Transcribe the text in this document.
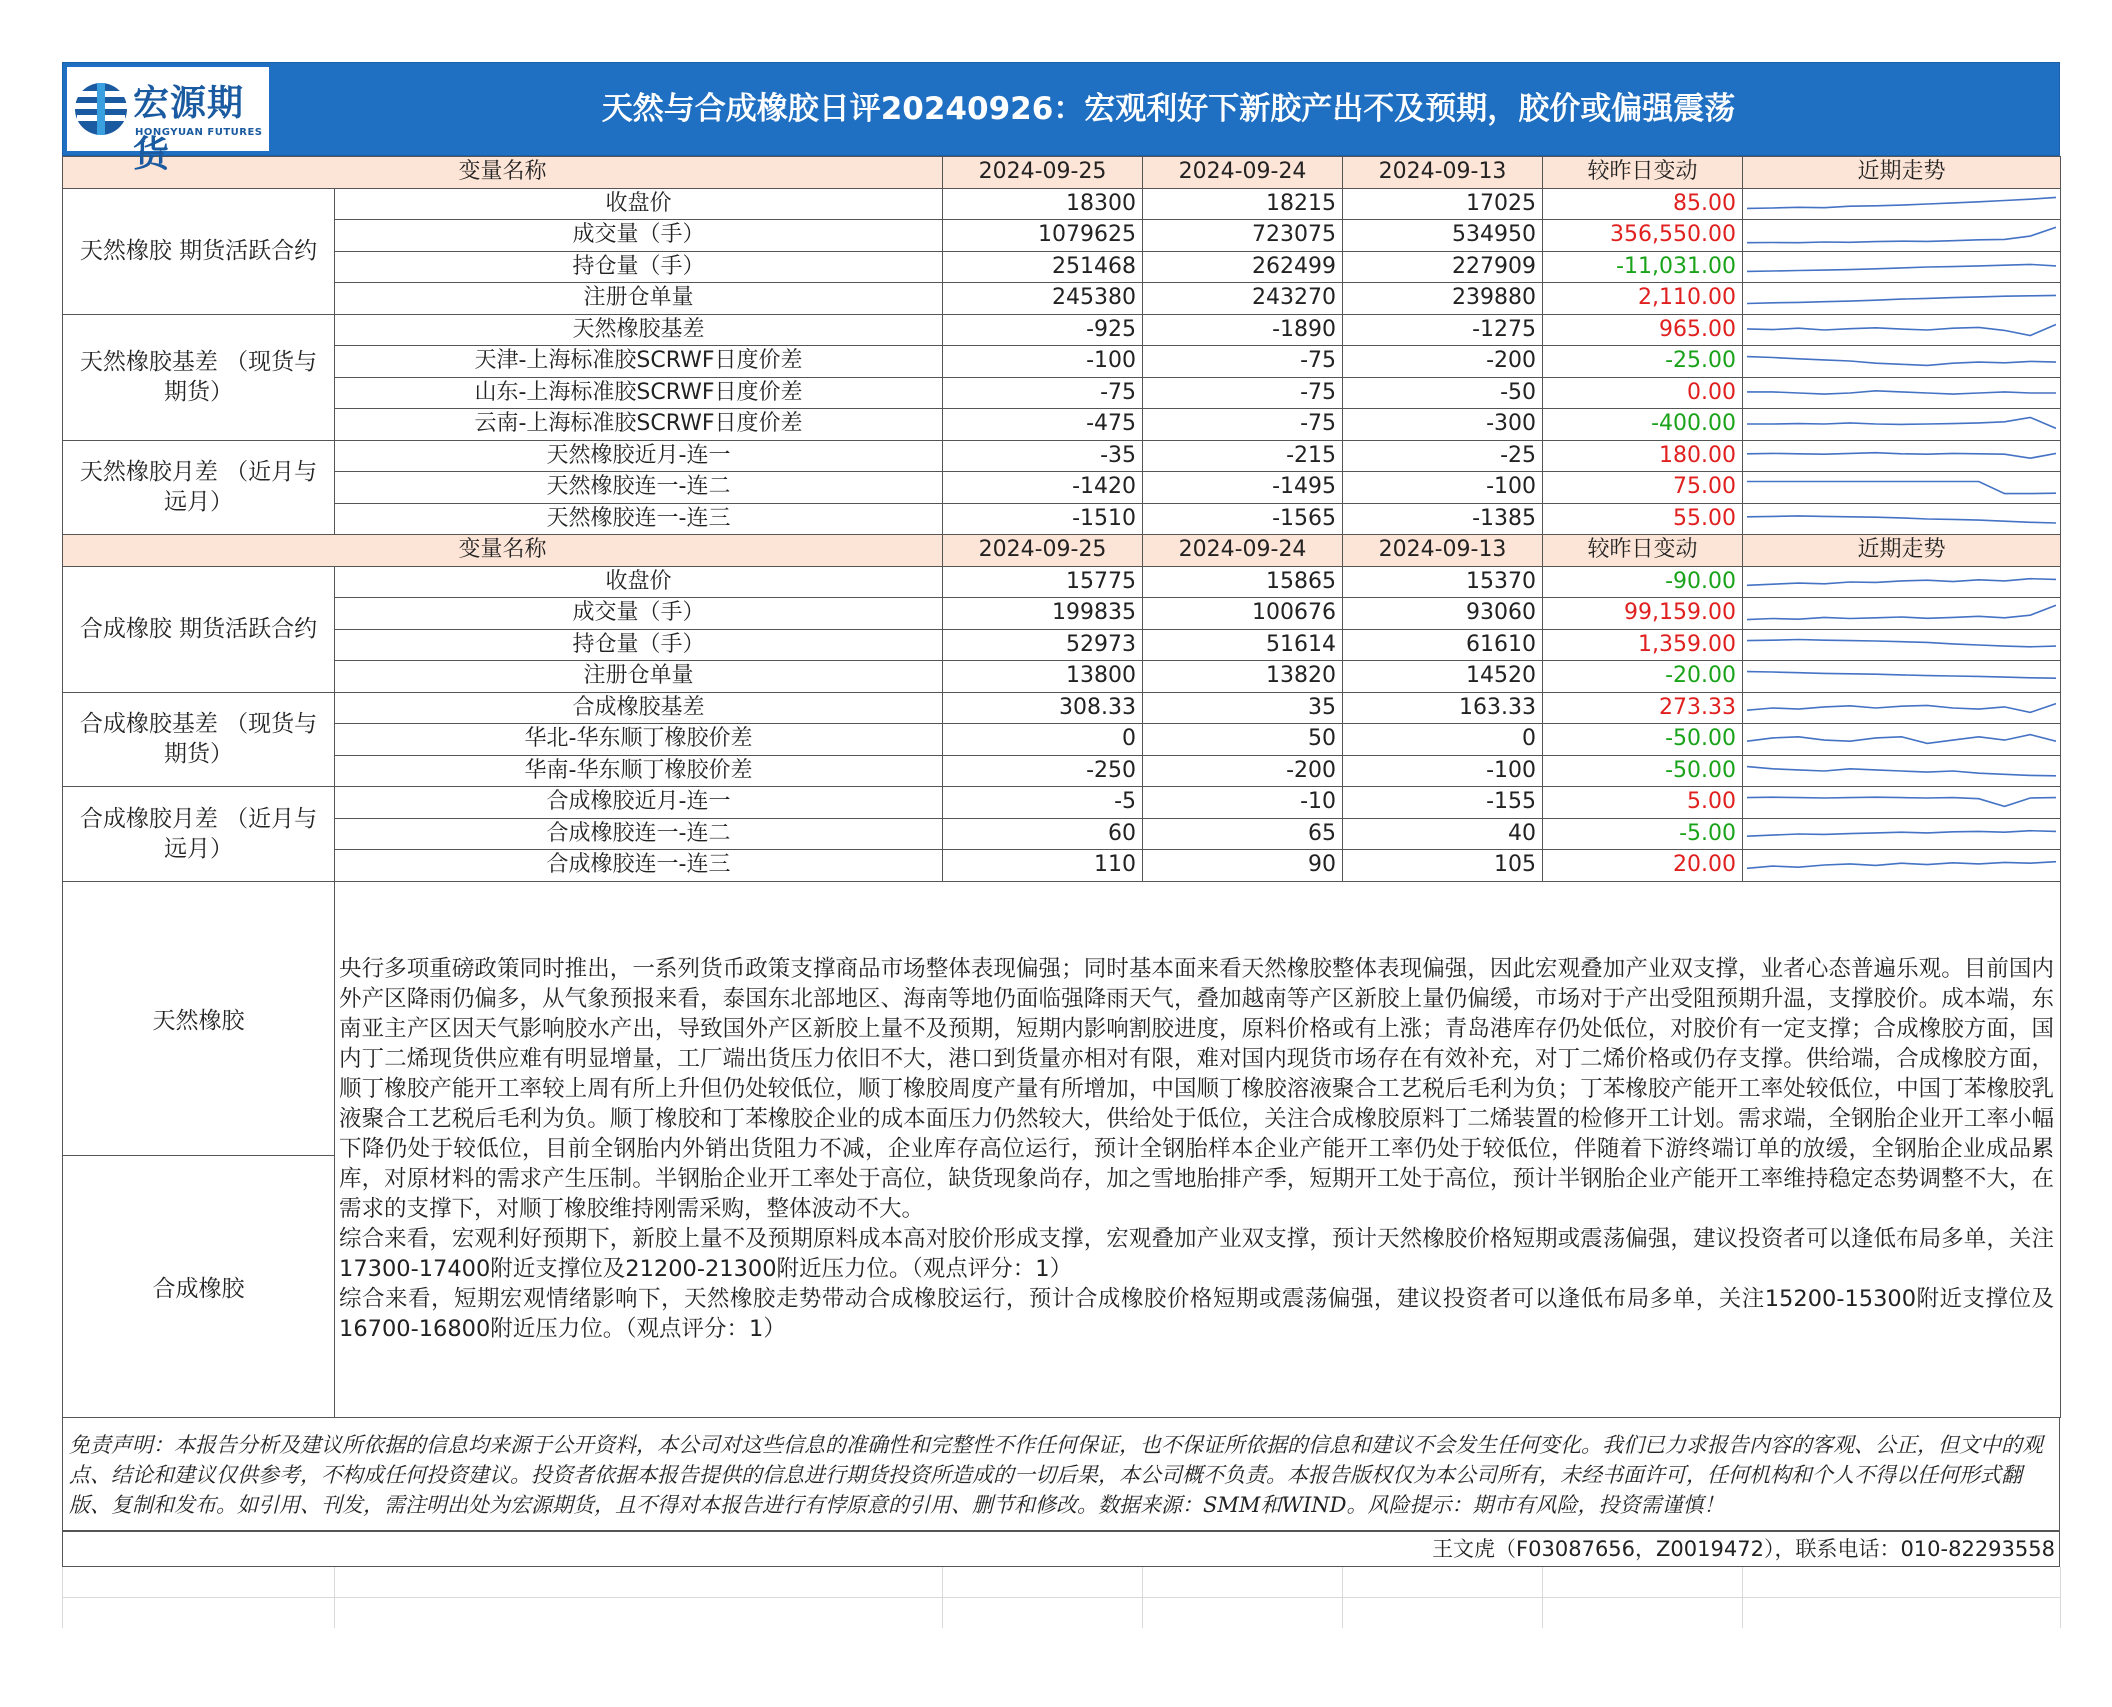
宏源期货
HONGYUAN FUTURES
天然与合成橡胶日评20240926：宏观利好下新胶产出不及预期，胶价或偏强震荡
变量名称		2024-09-25	2024-09-24	2024-09-13	较昨日变动	近期走势
天然橡胶 期货活跃合约	收盘价	18300	18215	17025	85.00	

	成交量（手）	1079625	723075	534950	356,550.00	

	持仓量（手）	251468	262499	227909	-11,031.00	

	注册仓单量	245380	243270	239880	2,110.00	

天然橡胶基差 （现货与期货）	天然橡胶基差	-925	-1890	-1275	965.00	

	天津-上海标准胶SCRWF日度价差	-100	-75	-200	-25.00	

	山东-上海标准胶SCRWF日度价差	-75	-75	-50	0.00	

	云南-上海标准胶SCRWF日度价差	-475	-75	-300	-400.00	

天然橡胶月差 （近月与远月）	天然橡胶近月-连一	-35	-215	-25	180.00	

	天然橡胶连一-连二	-1420	-1495	-100	75.00	

	天然橡胶连一-连三	-1510	-1565	-1385	55.00	

变量名称		2024-09-25	2024-09-24	2024-09-13	较昨日变动	近期走势
合成橡胶 期货活跃合约	收盘价	15775	15865	15370	-90.00	

	成交量（手）	199835	100676	93060	99,159.00	

	持仓量（手）	52973	51614	61610	1,359.00	

	注册仓单量	13800	13820	14520	-20.00	

合成橡胶基差 （现货与期货）	合成橡胶基差	308.33	35	163.33	273.33	

	华北-华东顺丁橡胶价差	0	50	0	-50.00	

	华南-华东顺丁橡胶价差	-250	-200	-100	-50.00	

合成橡胶月差 （近月与远月）	合成橡胶近月-连一	-5	-10	-155	5.00	

	合成橡胶连一-连二	60	65	40	-5.00	

	合成橡胶连一-连三	110	90	105	20.00	
天然橡胶	

央行多项重磅政策同时推出，一系列货币政策支撑商品市场整体表现偏强；同时基本面来看天然橡胶整体表现偏强，因此宏观叠加产业双支撑，业者心态普遍乐观。目前国内外产区降雨仍偏多，从气象预报来看，泰国东北部地区、海南等地仍面临强降雨天气，叠加越南等产区新胶上量仍偏缓，市场对于产出受阻预期升温，支撑胶价。成本端，东南亚主产区因天气影响胶水产出，导致国外产区新胶上量不及预期，短期内影响割胶进度，原料价格或有上涨；青岛港库存仍处低位，对胶价有一定支撑；合成橡胶方面，国内丁二烯现货供应难有明显增量，工厂端出货压力依旧不大，港口到货量亦相对有限，难对国内现货市场存在有效补充，对丁二烯价格或仍存支撑。供给端，合成橡胶方面，顺丁橡胶产能开工率较上周有所上升但仍处较低位，顺丁橡胶周度产量有所增加，中国顺丁橡胶溶液聚合工艺税后毛利为负；丁苯橡胶产能开工率处较低位，中国丁苯橡胶乳液聚合工艺税后毛利为负。顺丁橡胶和丁苯橡胶企业的成本面压力仍然较大，供给处于低位，关注合成橡胶原料丁二烯装置的检修开工计划。需求端，全钢胎企业开工率小幅下降仍处于较低位，目前全钢胎内外销出货阻力不减，企业库存高位运行，预计全钢胎样本企业产能开工率仍处于较低位，伴随着下游终端订单的放缓，全钢胎企业成品累库，对原材料的需求产生压制。半钢胎企业开工率处于高位，缺货现象尚存，加之雪地胎排产季，短期开工处于高位，预计半钢胎企业产能开工率维持稳定态势调整不大，在需求的支撑下，对顺丁橡胶维持刚需采购，整体波动不大。

综合来看，宏观利好预期下，新胶上量不及预期原料成本高对胶价形成支撑，宏观叠加产业双支撑，预计天然橡胶价格短期或震荡偏强，建议投资者可以逢低布局多单，关注17300-17400附近支撑位及21200-21300附近压力位。（观点评分：1）

综合来看，短期宏观情绪影响下，天然橡胶走势带动合成橡胶运行，预计合成橡胶价格短期或震荡偏强，建议投资者可以逢低布局多单，关注15200-15300附近支撑位及16700-16800附近压力位。（观点评分：1）

合成橡胶
免责声明：本报告分析及建议所依据的信息均来源于公开资料，本公司对这些信息的准确性和完整性不作任何保证，也不保证所依据的信息和建议不会发生任何变化。我们已力求报告内容的客观、公正，但文中的观点、结论和建议仅供参考，不构成任何投资建议。投资者依据本报告提供的信息进行期货投资所造成的一切后果，本公司概不负责。本报告版权仅为本公司所有，未经书面许可，任何机构和个人不得以任何形式翻版、复制和发布。如引用、刊发，需注明出处为宏源期货，且不得对本报告进行有悖原意的引用、删节和修改。数据来源：SMM和WIND。风险提示：期市有风险，投资需谨慎！
王文虎（F03087656，Z0019472），联系电话：010-82293558
